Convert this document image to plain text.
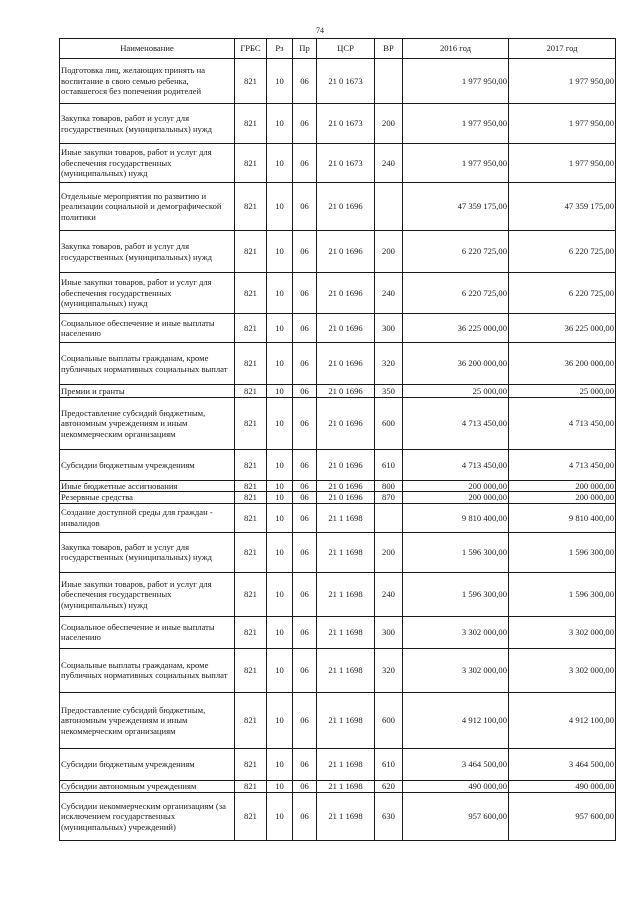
74
Наименование	ГРБС	Рз	Пр	ЦСР	ВР	2016 год	2017 год
Подготовка лиц, желающих принять на воспитание в свою семью ребенка, оставшегося без попечения родителей	821	10	06	21 0 1673		1 977 950,00	1 977 950,00
Закупка товаров, работ и услуг для государственных (муниципальных) нужд	821	10	06	21 0 1673	200	1 977 950,00	1 977 950,00
Иные закупки товаров, работ и услуг для обеспечения государственных (муниципальных) нужд	821	10	06	21 0 1673	240	1 977 950,00	1 977 950,00
Отдельные мероприятия по развитию и реализации социальной и демографической политики	821	10	06	21 0 1696		47 359 175,00	47 359 175,00
Закупка товаров, работ и услуг для государственных (муниципальных) нужд	821	10	06	21 0 1696	200	6 220 725,00	6 220 725,00
Иные закупки товаров, работ и услуг для обеспечения государственных (муниципальных) нужд	821	10	06	21 0 1696	240	6 220 725,00	6 220 725,00
Социальное обеспечение и иные выплаты населению	821	10	06	21 0 1696	300	36 225 000,00	36 225 000,00
Социальные выплаты гражданам, кроме публичных нормативных социальных выплат	821	10	06	21 0 1696	320	36 200 000,00	36 200 000,00
Премии и гранты	821	10	06	21 0 1696	350	25 000,00	25 000,00
Предоставление субсидий бюджетным, автономным учреждениям и иным некоммерческим организациям	821	10	06	21 0 1696	600	4 713 450,00	4 713 450,00
Субсидии бюджетным учреждениям	821	10	06	21 0 1696	610	4 713 450,00	4 713 450,00
Иные бюджетные ассигнования	821	10	06	21 0 1696	800	200 000,00	200 000,00
Резервные средства	821	10	06	21 0 1696	870	200 000,00	200 000,00
Создание доступной среды для граждан - инвалидов	821	10	06	21 1 1698		9 810 400,00	9 810 400,00
Закупка товаров, работ и услуг для государственных (муниципальных) нужд	821	10	06	21 1 1698	200	1 596 300,00	1 596 300,00
Иные закупки товаров, работ и услуг для обеспечения государственных (муниципальных) нужд	821	10	06	21 1 1698	240	1 596 300,00	1 596 300,00
Социальное обеспечение и иные выплаты населению	821	10	06	21 1 1698	300	3 302 000,00	3 302 000,00
Социальные выплаты гражданам, кроме публичных нормативных социальных выплат	821	10	06	21 1 1698	320	3 302 000,00	3 302 000,00
Предоставление субсидий бюджетным, автономным учреждениям и иным некоммерческим организациям	821	10	06	21 1 1698	600	4 912 100,00	4 912 100,00
Субсидии бюджетным учреждениям	821	10	06	21 1 1698	610	3 464 500,00	3 464 500,00
Субсидии автономным учреждениям	821	10	06	21 1 1698	620	490 000,00	490 000,00
Субсидии некоммерческим организациям (за исключением государственных (муниципальных) учреждений)	821	10	06	21 1 1698	630	957 600,00	957 600,00
